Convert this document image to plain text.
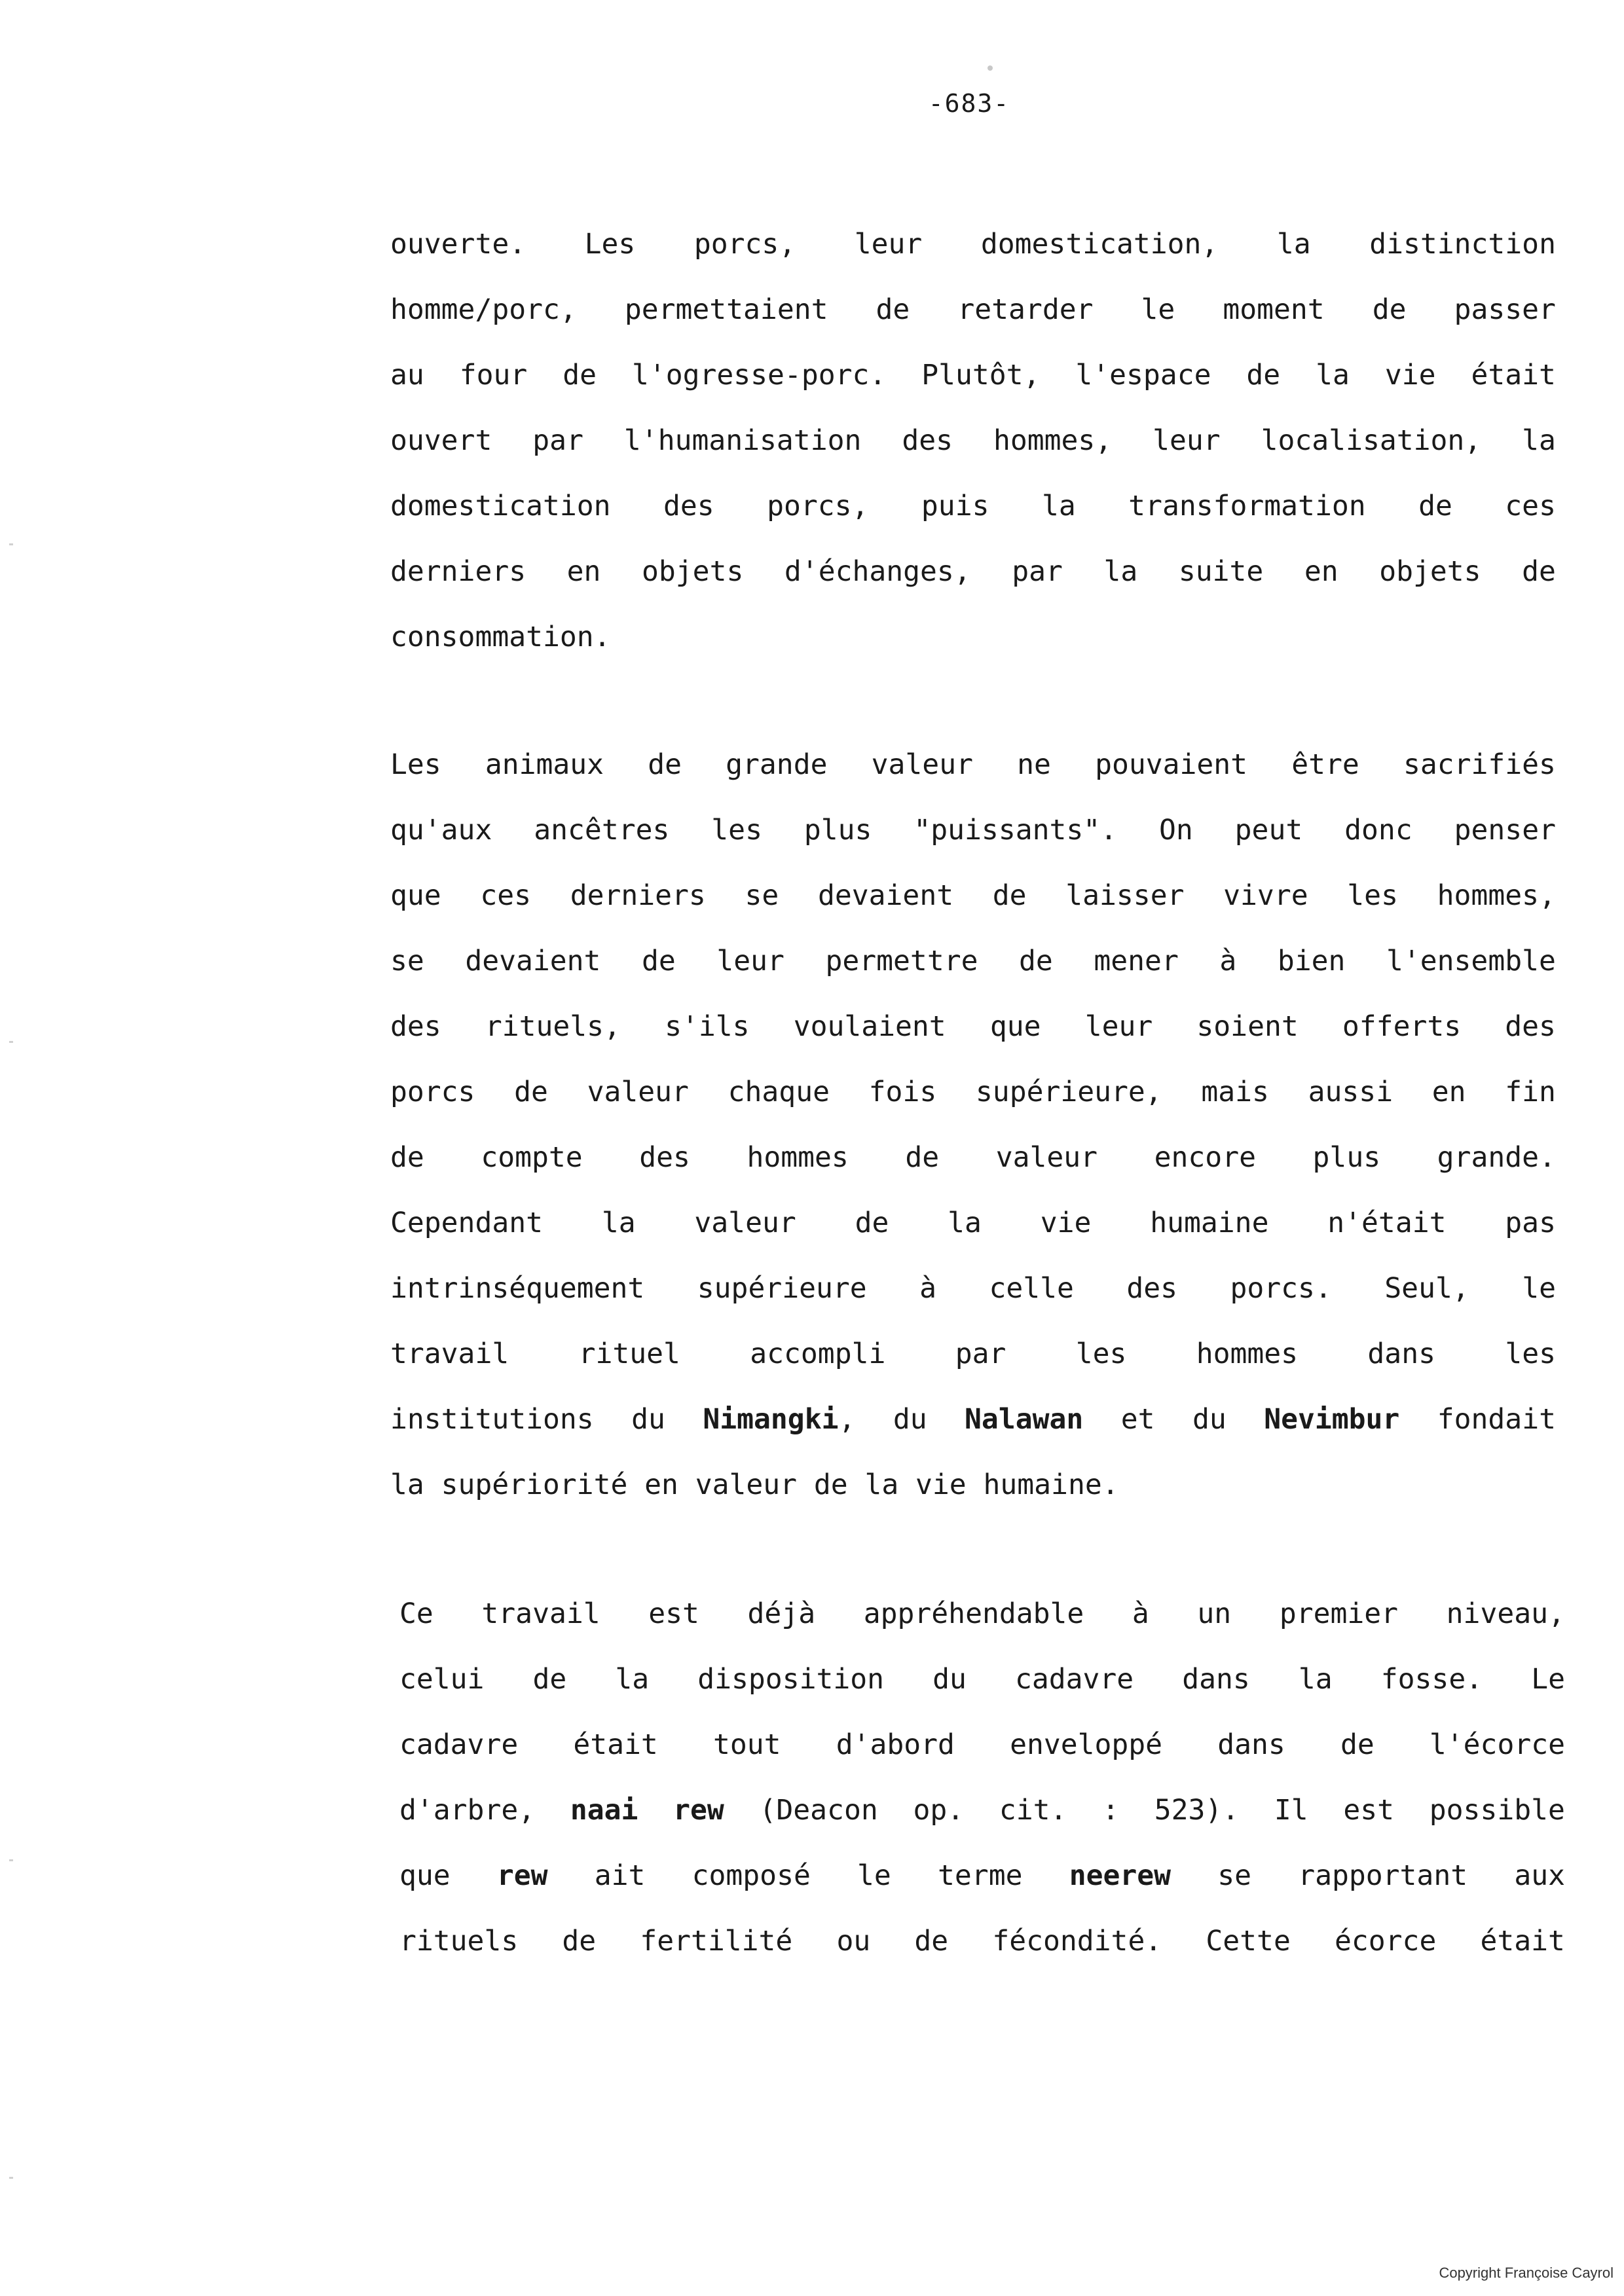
-683-
ouverte. Les porcs, leur domestication, la distinction
homme/porc, permettaient de retarder le moment de passer
au four de l'ogresse-porc. Plutôt, l'espace de la vie était
ouvert par l'humanisation des hommes, leur localisation, la
domestication des porcs, puis la transformation de ces
derniers en objets d'échanges, par la suite en objets de
consommation.
Les animaux de grande valeur ne pouvaient être sacrifiés
qu'aux ancêtres les plus "puissants". On peut donc penser
que ces derniers se devaient de laisser vivre les hommes,
se devaient de leur permettre de mener à bien l'ensemble
des rituels, s'ils voulaient que leur soient offerts des
porcs de valeur chaque fois supérieure, mais aussi en fin
de compte des hommes de valeur encore plus grande.
Cependant la valeur de la vie humaine n'était pas
intrinséquement supérieure à celle des porcs. Seul, le
travail rituel accompli par les hommes dans les
institutions du Nimangki, du Nalawan et du Nevimbur fondait
la supériorité en valeur de la vie humaine.
Ce travail est déjà appréhendable à un premier niveau,
celui de la disposition du cadavre dans la fosse. Le
cadavre était tout d'abord enveloppé dans de l'écorce
d'arbre, naai rew (Deacon op. cit. : 523). Il est possible
que rew ait composé le terme neerew se rapportant aux
rituels de fertilité ou de fécondité. Cette écorce était
Copyright Françoise Cayrol
